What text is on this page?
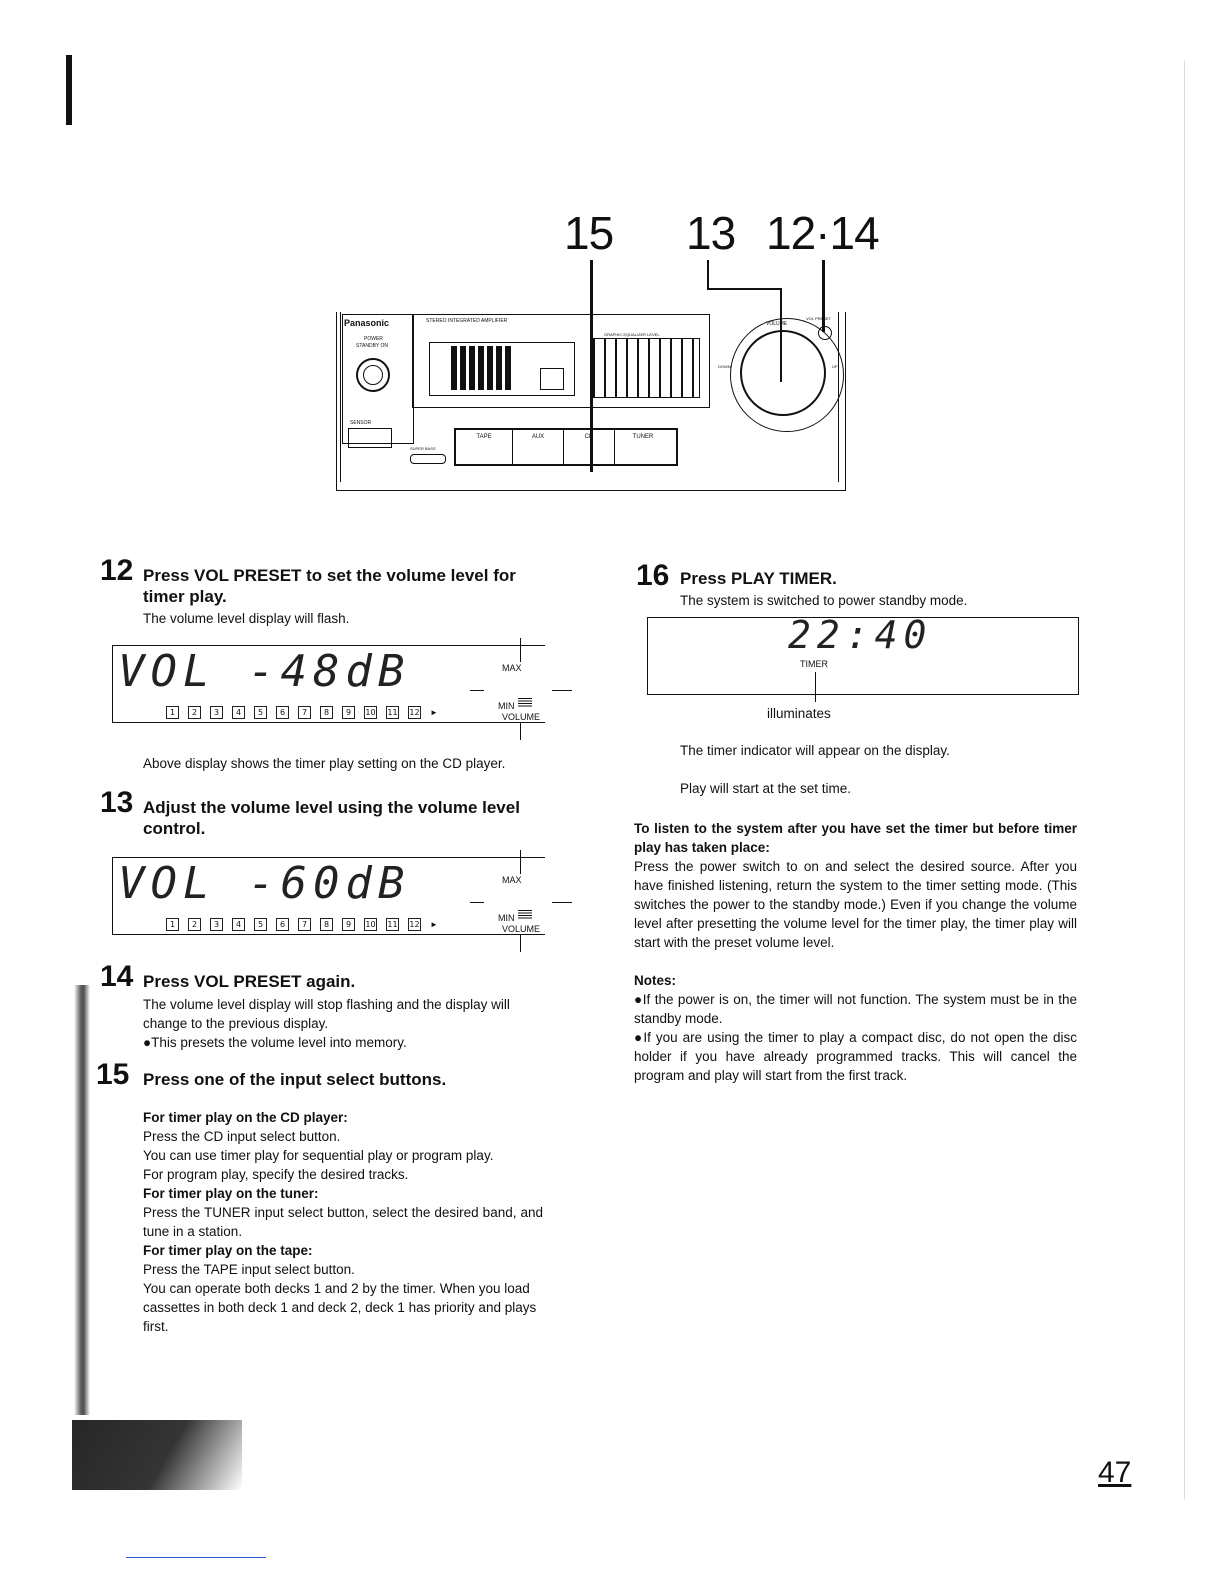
15 13 12·14
Panasonic
POWER
STANDBY ON
SENSOR
STEREO INTEGRATED AMPLIFIER
GRAPHIC EQUALIZER LEVEL
VOLUME
VOL PRESET
DOWN	UP
TAPE	AUX	CD	TUNER
SUPER BASS
12 Press VOL PRESET to set the volume level for timer play.
The volume level display will flash.
VOL -48dB
1 2 3 4 5 6 7 8 9 10 11 12 ►
MAX
MIN
VOLUME
Above display shows the timer play setting on the CD player.
13 Adjust the volume level using the volume level control.
VOL -60dB
1 2 3 4 5 6 7 8 9 10 11 12 ►
MAX
MIN
VOLUME
14 Press VOL PRESET again.

The volume level display will stop flashing and the display will change to the previous display.

●This presets the volume level into memory.

15 Press one of the input select buttons.

For timer play on the CD player:

Press the CD input select button.

You can use timer play for sequential play or program play.

For program play, specify the desired tracks.

For timer play on the tuner:

Press the TUNER input select button, select the desired band, and tune in a station.

For timer play on the tape:

Press the TAPE input select button.

You can operate both decks 1 and 2 by the timer. When you load cassettes in both deck 1 and deck 2, deck 1 has priority and plays first.

16 Press PLAY TIMER.
The system is switched to power standby mode.
22:40
TIMER
illuminates
The timer indicator will appear on the display.
Play will start at the set time.

To listen to the system after you have set the timer but before timer play has taken place:

Press the power switch to on and select the desired source. After you have finished listening, return the system to the timer setting mode. (This switches the power to the standby mode.) Even if you change the volume level after presetting the volume level for the timer play, the timer play will start with the preset volume level.

Notes:

●If the power is on, the timer will not function. The system must be in the standby mode.

●If you are using the timer to play a compact disc, do not open the disc holder if you have already programmed tracks. This will cancel the program and play will start from the first track.

47
